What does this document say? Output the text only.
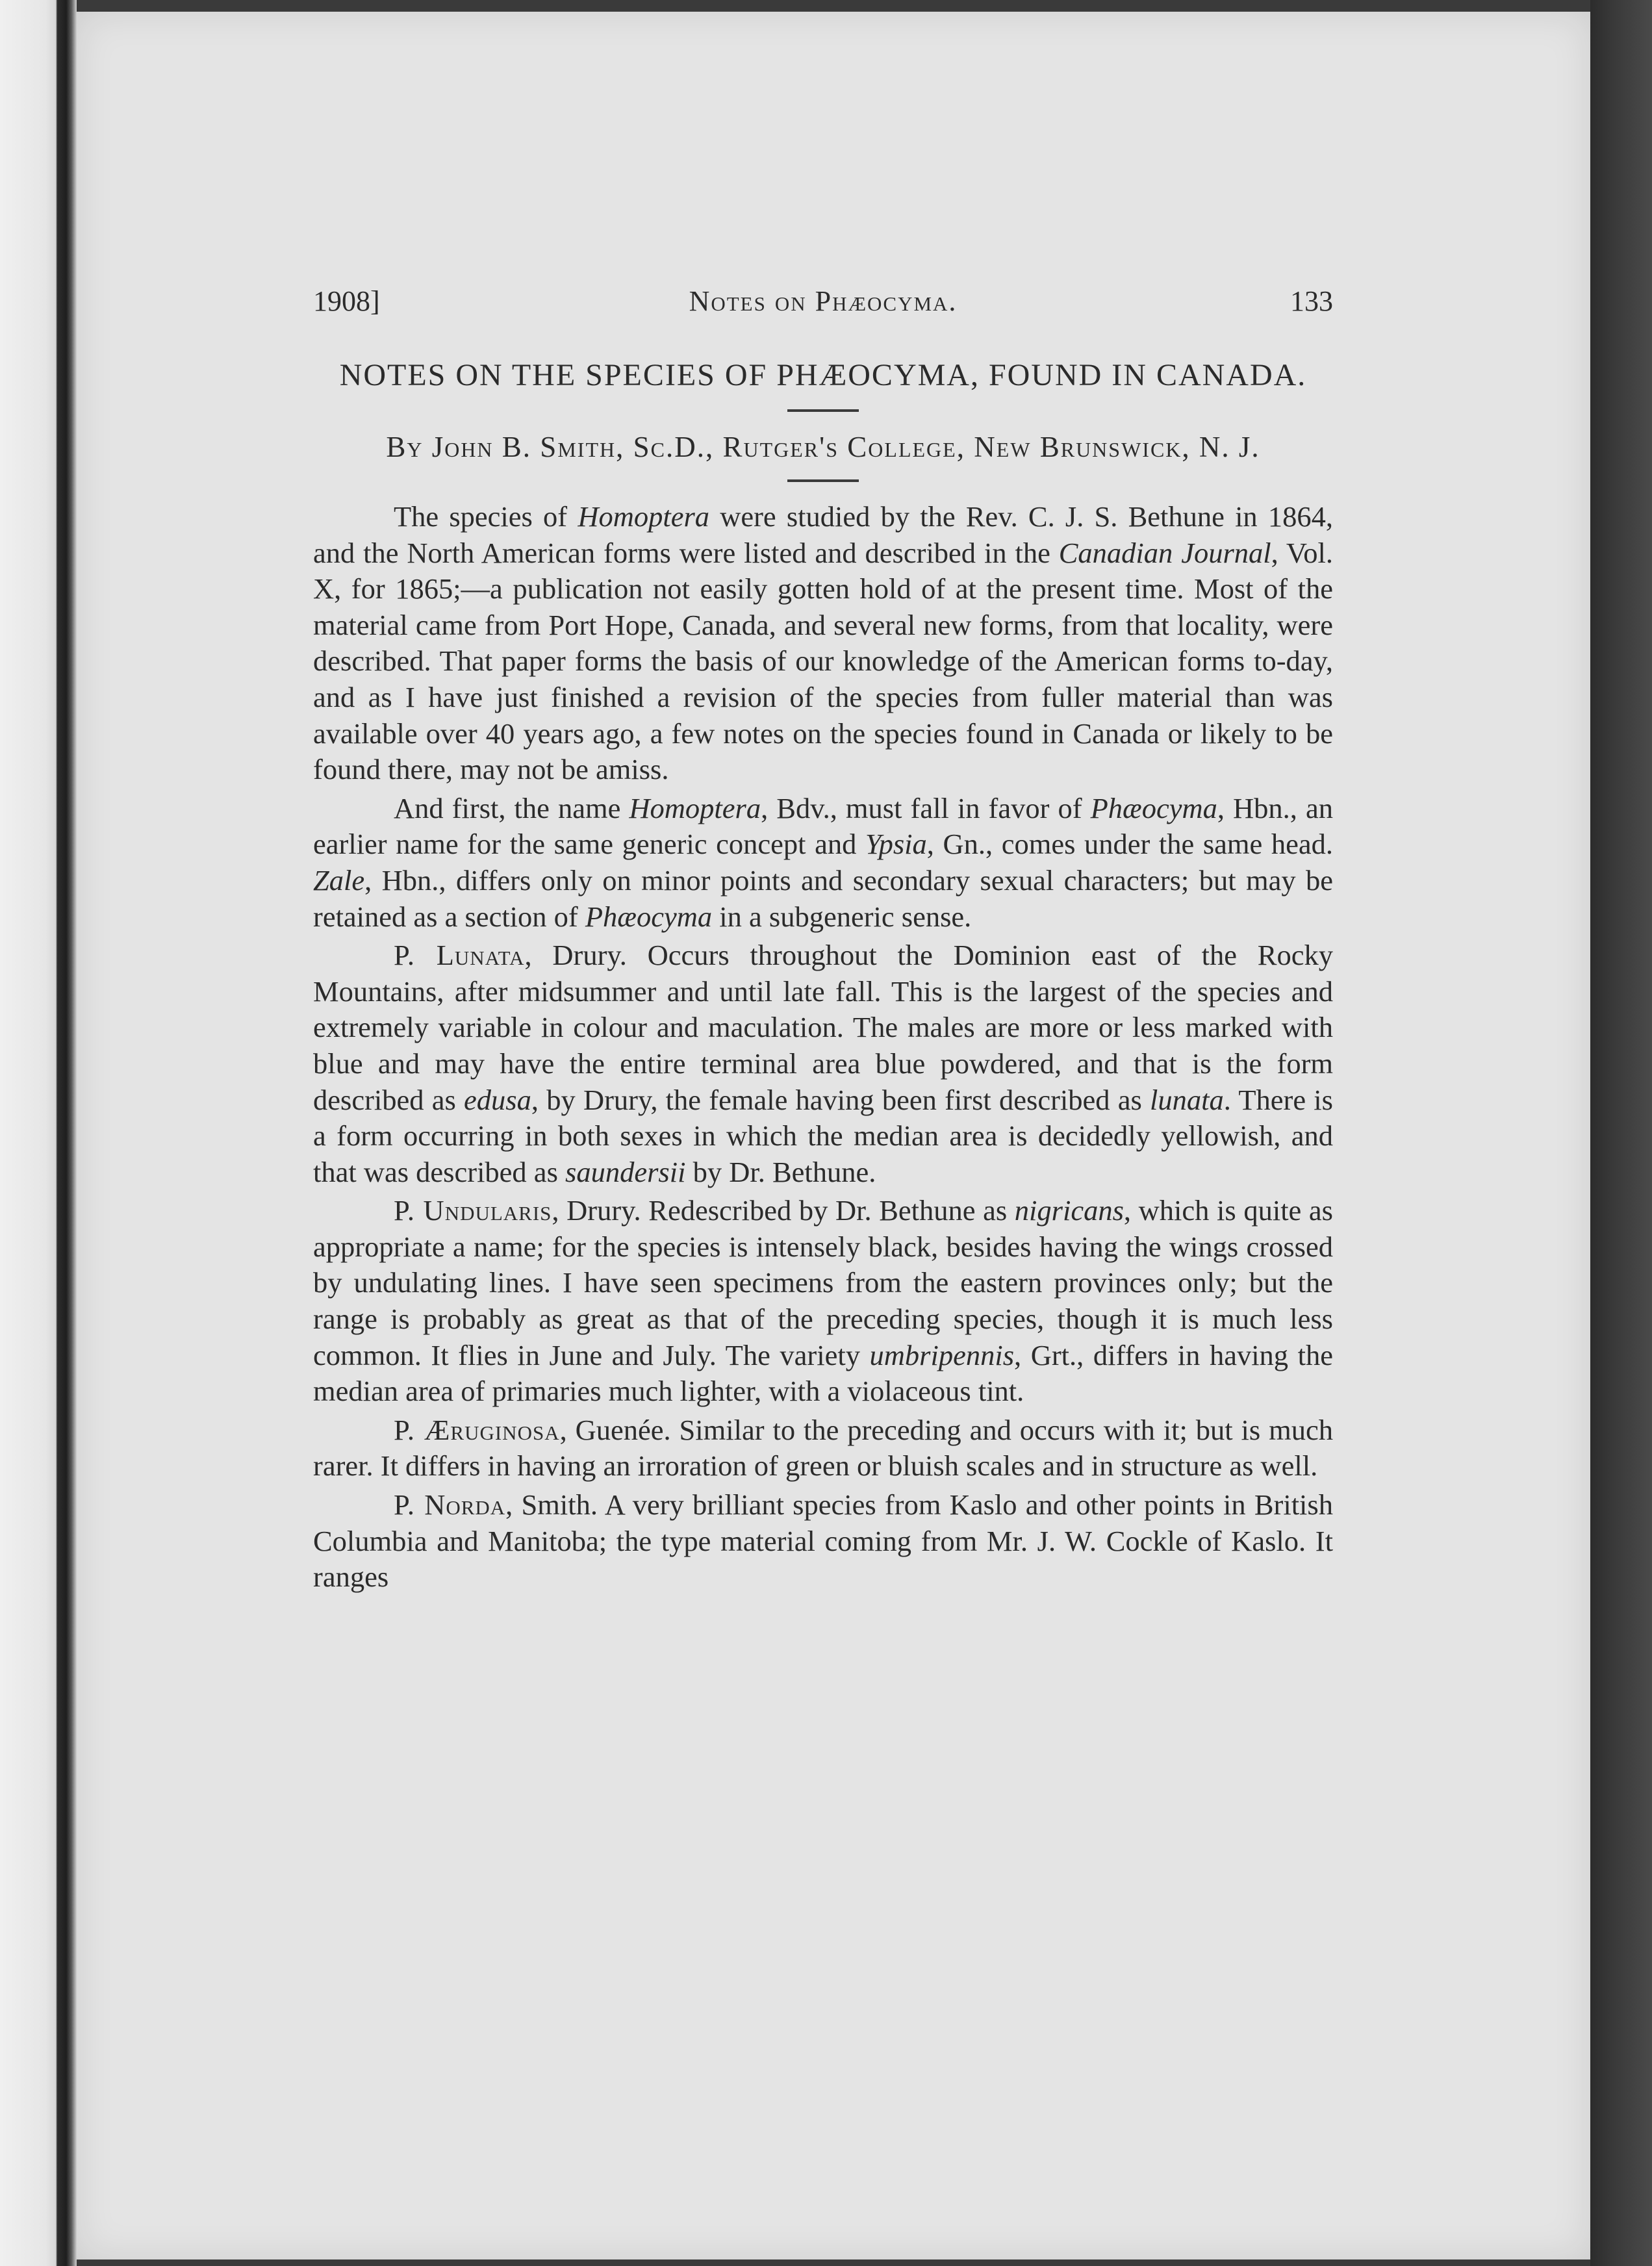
1908]	Notes on Phæocyma.	133
NOTES ON THE SPECIES OF PHÆOCYMA, FOUND IN CANADA.
By John B. Smith, Sc.D., Rutger's College, New Brunswick, N. J.

The species of Homoptera were studied by the Rev. C. J. S. Bethune in 1864, and the North American forms were listed and described in the Canadian Journal, Vol. X, for 1865;—a publication not easily gotten hold of at the present time. Most of the material came from Port Hope, Canada, and several new forms, from that locality, were described. That paper forms the basis of our knowledge of the American forms to-day, and as I have just finished a revision of the species from fuller material than was available over 40 years ago, a few notes on the species found in Canada or likely to be found there, may not be amiss.

And first, the name Homoptera, Bdv., must fall in favor of Phæocyma, Hbn., an earlier name for the same generic concept and Ypsia, Gn., comes under the same head. Zale, Hbn., differs only on minor points and secondary sexual characters; but may be retained as a section of Phæocyma in a subgeneric sense.

P. Lunata, Drury. Occurs throughout the Dominion east of the Rocky Mountains, after midsummer and until late fall. This is the largest of the species and extremely variable in colour and maculation. The males are more or less marked with blue and may have the entire terminal area blue powdered, and that is the form described as edusa, by Drury, the female having been first described as lunata. There is a form occurring in both sexes in which the median area is decidedly yellowish, and that was described as saundersii by Dr. Bethune.

P. Undularis, Drury. Redescribed by Dr. Bethune as nigricans, which is quite as appropriate a name; for the species is intensely black, besides having the wings crossed by undulating lines. I have seen specimens from the eastern provinces only; but the range is probably as great as that of the preceding species, though it is much less common. It flies in June and July. The variety umbripennis, Grt., differs in having the median area of primaries much lighter, with a violaceous tint.

P. Æruginosa, Guenée. Similar to the preceding and occurs with it; but is much rarer. It differs in having an irroration of green or bluish scales and in structure as well.

P. Norda, Smith. A very brilliant species from Kaslo and other points in British Columbia and Manitoba; the type material coming from Mr. J. W. Cockle of Kaslo. It ranges
